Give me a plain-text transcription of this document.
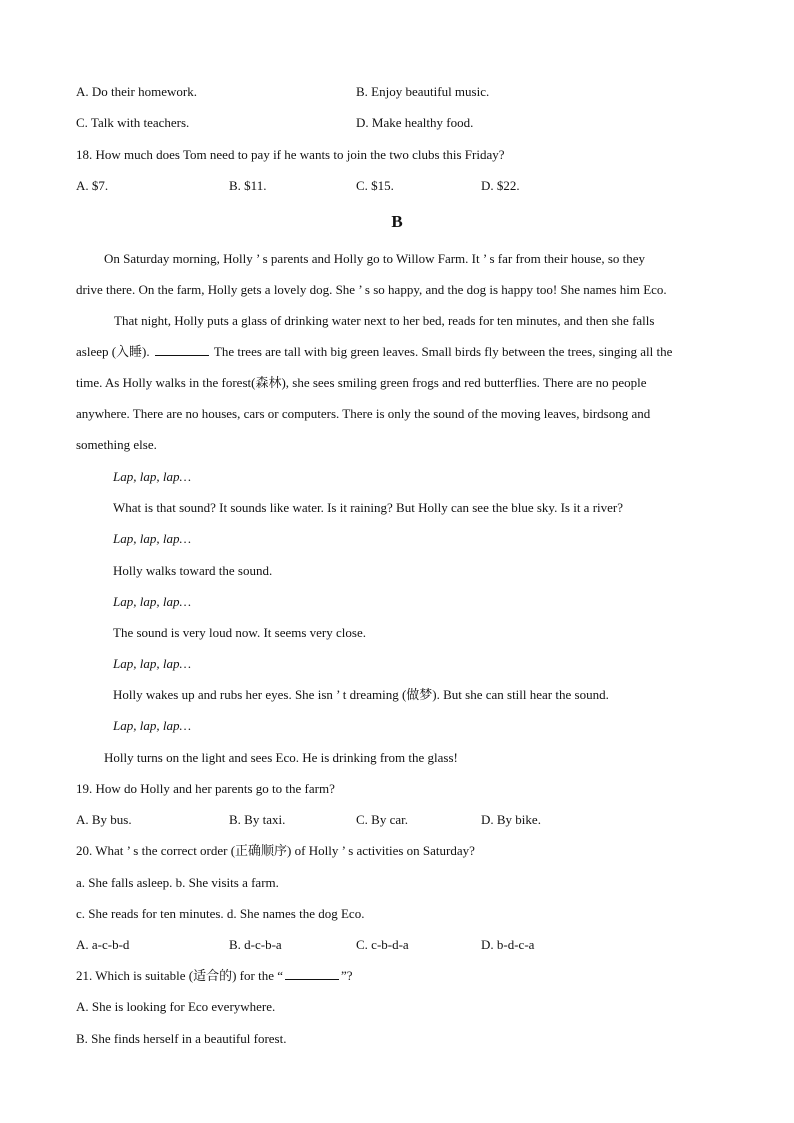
A. Do their homework.	B. Enjoy beautiful music.
C. Talk with teachers.	D. Make healthy food.
18. How much does Tom need to pay if he wants to join the two clubs this Friday?
A. $7.	B. $11.	C. $15.	D. $22.
B
On Saturday morning, Holly ’ s parents and Holly go to Willow Farm. It ’ s far from their house, so they
drive there. On the farm, Holly gets a lovely dog. She ’ s so happy, and the dog is happy too! She names him Eco.
That night, Holly puts a glass of drinking water next to her bed, reads for ten minutes, and then she falls
asleep (入睡).	The trees are tall with big green leaves. Small birds fly between the trees, singing all the
time. As Holly walks in the forest(森林), she sees smiling green frogs and red butterflies. There are no people
anywhere. There are no houses, cars or computers. There is only the sound of the moving leaves, birdsong and
something else.
Lap, lap, lap…
What is that sound? It sounds like water. Is it raining? But Holly can see the blue sky. Is it a river?
Lap, lap, lap…
Holly walks toward the sound.
Lap, lap, lap…
The sound is very loud now. It seems very close.
Lap, lap, lap…
Holly wakes up and rubs her eyes. She isn ’ t dreaming (做梦). But she can still hear the sound.
Lap, lap, lap…
Holly turns on the light and sees Eco. He is drinking from the glass!
19. How do Holly and her parents go to the farm?
A. By bus.	B. By taxi.	C. By car.	D. By bike.
20. What ’ s the correct order (正确顺序) of Holly ’ s activities on Saturday?
a. She falls asleep. b. She visits a farm.
c. She reads for ten minutes. d. She names the dog Eco.
A. a-c-b-d	B. d-c-b-a	C. c-b-d-a	D. b-d-c-a
21. Which is suitable (适合的) for the “	”?
A. She is looking for Eco everywhere.
B. She finds herself in a beautiful forest.
